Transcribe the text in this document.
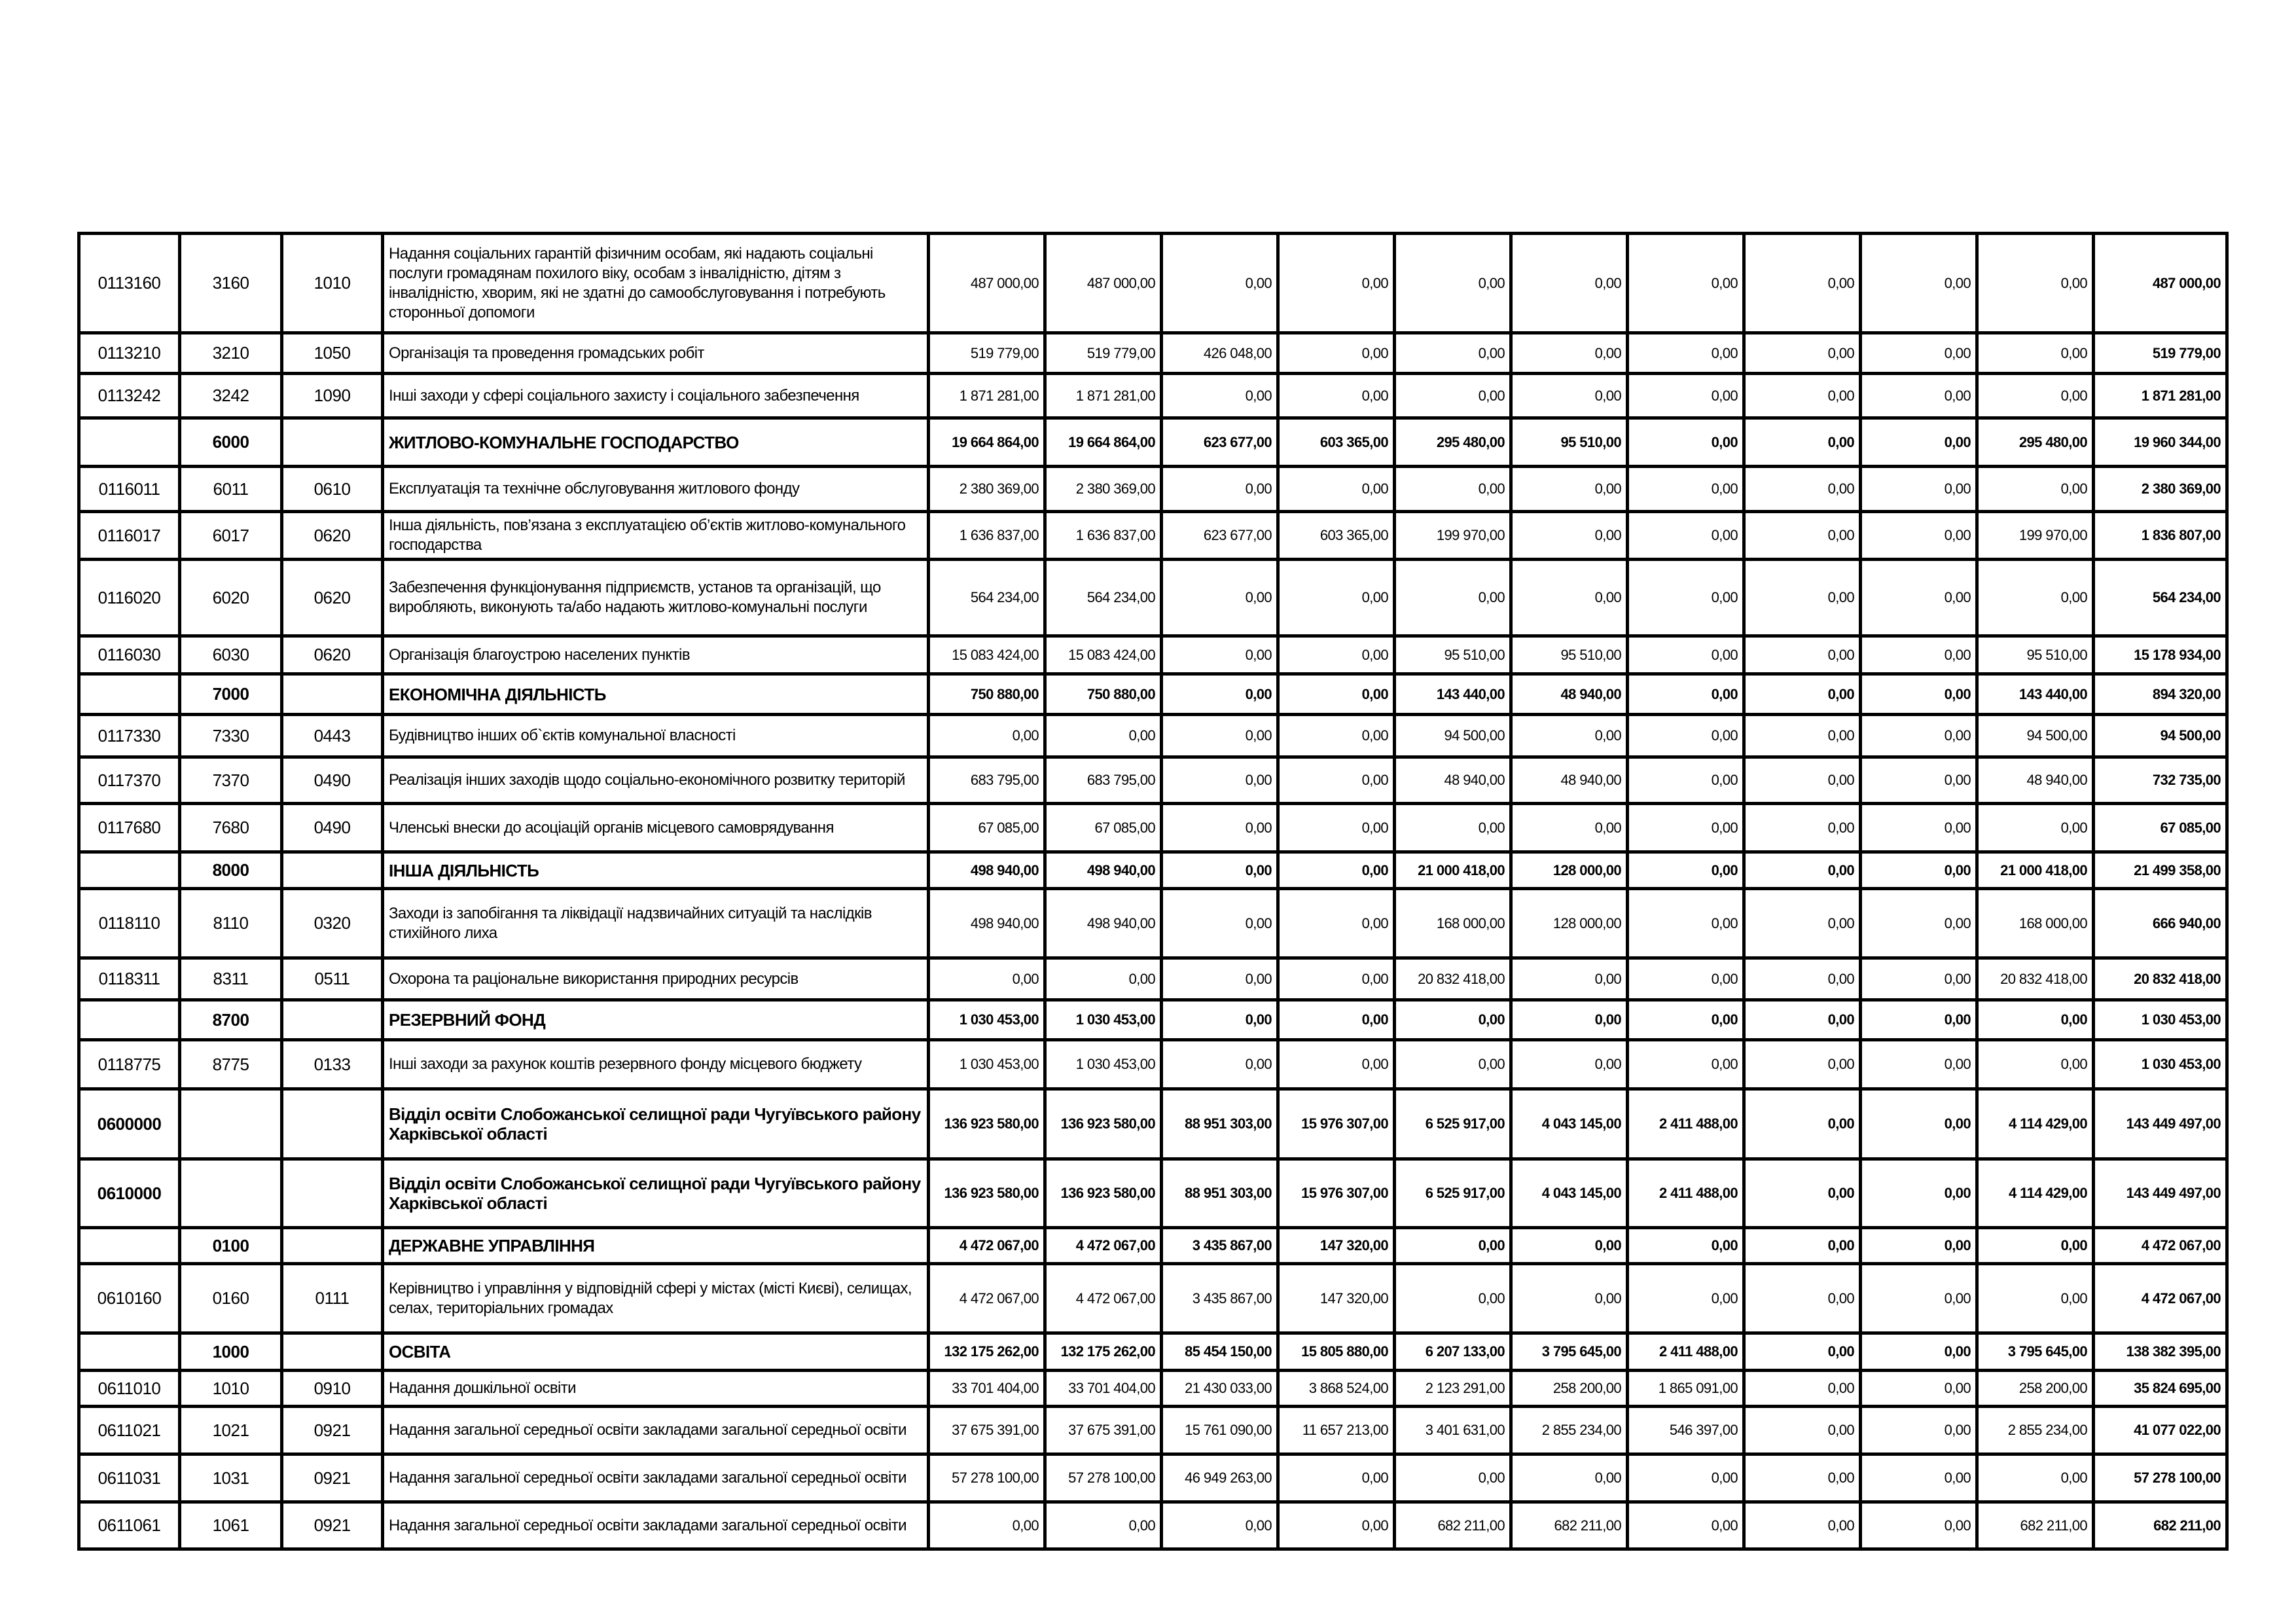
0113160	3160	1010	Надання соціальних гарантій фізичним особам, які надають соціальні послуги громадянам похилого віку, особам з інвалідністю, дітям з інвалідністю, хворим, які не здатні до самообслуговування і потребують сторонньої допомоги	487 000,00	487 000,00	0,00	0,00	0,00	0,00	0,00	0,00	0,00	0,00	487 000,00
0113210	3210	1050	Організація та проведення громадських робіт	519 779,00	519 779,00	426 048,00	0,00	0,00	0,00	0,00	0,00	0,00	0,00	519 779,00
0113242	3242	1090	Інші заходи у сфері соціального захисту і соціального забезпечення	1 871 281,00	1 871 281,00	0,00	0,00	0,00	0,00	0,00	0,00	0,00	0,00	1 871 281,00
	6000		ЖИТЛОВО-КОМУНАЛЬНЕ ГОСПОДАРСТВО	19 664 864,00	19 664 864,00	623 677,00	603 365,00	295 480,00	95 510,00	0,00	0,00	0,00	295 480,00	19 960 344,00
0116011	6011	0610	Експлуатація та технічне обслуговування житлового фонду	2 380 369,00	2 380 369,00	0,00	0,00	0,00	0,00	0,00	0,00	0,00	0,00	2 380 369,00
0116017	6017	0620	Інша діяльність, пов’язана з експлуатацією об’єктів житлово-комунального господарства	1 636 837,00	1 636 837,00	623 677,00	603 365,00	199 970,00	0,00	0,00	0,00	0,00	199 970,00	1 836 807,00
0116020	6020	0620	Забезпечення функціонування підприємств, установ та організацій, що виробляють, виконують та/або надають житлово-комунальні послуги	564 234,00	564 234,00	0,00	0,00	0,00	0,00	0,00	0,00	0,00	0,00	564 234,00
0116030	6030	0620	Організація благоустрою населених пунктів	15 083 424,00	15 083 424,00	0,00	0,00	95 510,00	95 510,00	0,00	0,00	0,00	95 510,00	15 178 934,00
	7000		ЕКОНОМІЧНА ДІЯЛЬНІСТЬ	750 880,00	750 880,00	0,00	0,00	143 440,00	48 940,00	0,00	0,00	0,00	143 440,00	894 320,00
0117330	7330	0443	Будівництво інших об`єктів комунальної власності	0,00	0,00	0,00	0,00	94 500,00	0,00	0,00	0,00	0,00	94 500,00	94 500,00
0117370	7370	0490	Реалізація інших заходів щодо соціально-економічного розвитку територій	683 795,00	683 795,00	0,00	0,00	48 940,00	48 940,00	0,00	0,00	0,00	48 940,00	732 735,00
0117680	7680	0490	Членські внески до асоціацій органів місцевого самоврядування	67 085,00	67 085,00	0,00	0,00	0,00	0,00	0,00	0,00	0,00	0,00	67 085,00
	8000		ІНША ДІЯЛЬНІСТЬ	498 940,00	498 940,00	0,00	0,00	21 000 418,00	128 000,00	0,00	0,00	0,00	21 000 418,00	21 499 358,00
0118110	8110	0320	Заходи із запобігання та ліквідації надзвичайних ситуацій та наслідків стихійного лиха	498 940,00	498 940,00	0,00	0,00	168 000,00	128 000,00	0,00	0,00	0,00	168 000,00	666 940,00
0118311	8311	0511	Охорона та раціональне використання природних ресурсів	0,00	0,00	0,00	0,00	20 832 418,00	0,00	0,00	0,00	0,00	20 832 418,00	20 832 418,00
	8700		РЕЗЕРВНИЙ ФОНД	1 030 453,00	1 030 453,00	0,00	0,00	0,00	0,00	0,00	0,00	0,00	0,00	1 030 453,00
0118775	8775	0133	Інші заходи за рахунок коштів резервного фонду місцевого бюджету	1 030 453,00	1 030 453,00	0,00	0,00	0,00	0,00	0,00	0,00	0,00	0,00	1 030 453,00
0600000			Відділ освіти Слобожанської селищної ради Чугуївського району Харківської області	136 923 580,00	136 923 580,00	88 951 303,00	15 976 307,00	6 525 917,00	4 043 145,00	2 411 488,00	0,00	0,00	4 114 429,00	143 449 497,00
0610000			Відділ освіти Слобожанської селищної ради Чугуївського району Харківської області	136 923 580,00	136 923 580,00	88 951 303,00	15 976 307,00	6 525 917,00	4 043 145,00	2 411 488,00	0,00	0,00	4 114 429,00	143 449 497,00
	0100		ДЕРЖАВНЕ УПРАВЛІННЯ	4 472 067,00	4 472 067,00	3 435 867,00	147 320,00	0,00	0,00	0,00	0,00	0,00	0,00	4 472 067,00
0610160	0160	0111	Керівництво і управління у відповідній сфері у містах (місті Києві), селищах, селах, територіальних громадах	4 472 067,00	4 472 067,00	3 435 867,00	147 320,00	0,00	0,00	0,00	0,00	0,00	0,00	4 472 067,00
	1000		ОСВІТА	132 175 262,00	132 175 262,00	85 454 150,00	15 805 880,00	6 207 133,00	3 795 645,00	2 411 488,00	0,00	0,00	3 795 645,00	138 382 395,00
0611010	1010	0910	Надання дошкільної освіти	33 701 404,00	33 701 404,00	21 430 033,00	3 868 524,00	2 123 291,00	258 200,00	1 865 091,00	0,00	0,00	258 200,00	35 824 695,00
0611021	1021	0921	Надання загальної середньої освіти закладами загальної середньої освіти	37 675 391,00	37 675 391,00	15 761 090,00	11 657 213,00	3 401 631,00	2 855 234,00	546 397,00	0,00	0,00	2 855 234,00	41 077 022,00
0611031	1031	0921	Надання загальної середньої освіти закладами загальної середньої освіти	57 278 100,00	57 278 100,00	46 949 263,00	0,00	0,00	0,00	0,00	0,00	0,00	0,00	57 278 100,00
0611061	1061	0921	Надання загальної середньої освіти закладами загальної середньої освіти	0,00	0,00	0,00	0,00	682 211,00	682 211,00	0,00	0,00	0,00	682 211,00	682 211,00
